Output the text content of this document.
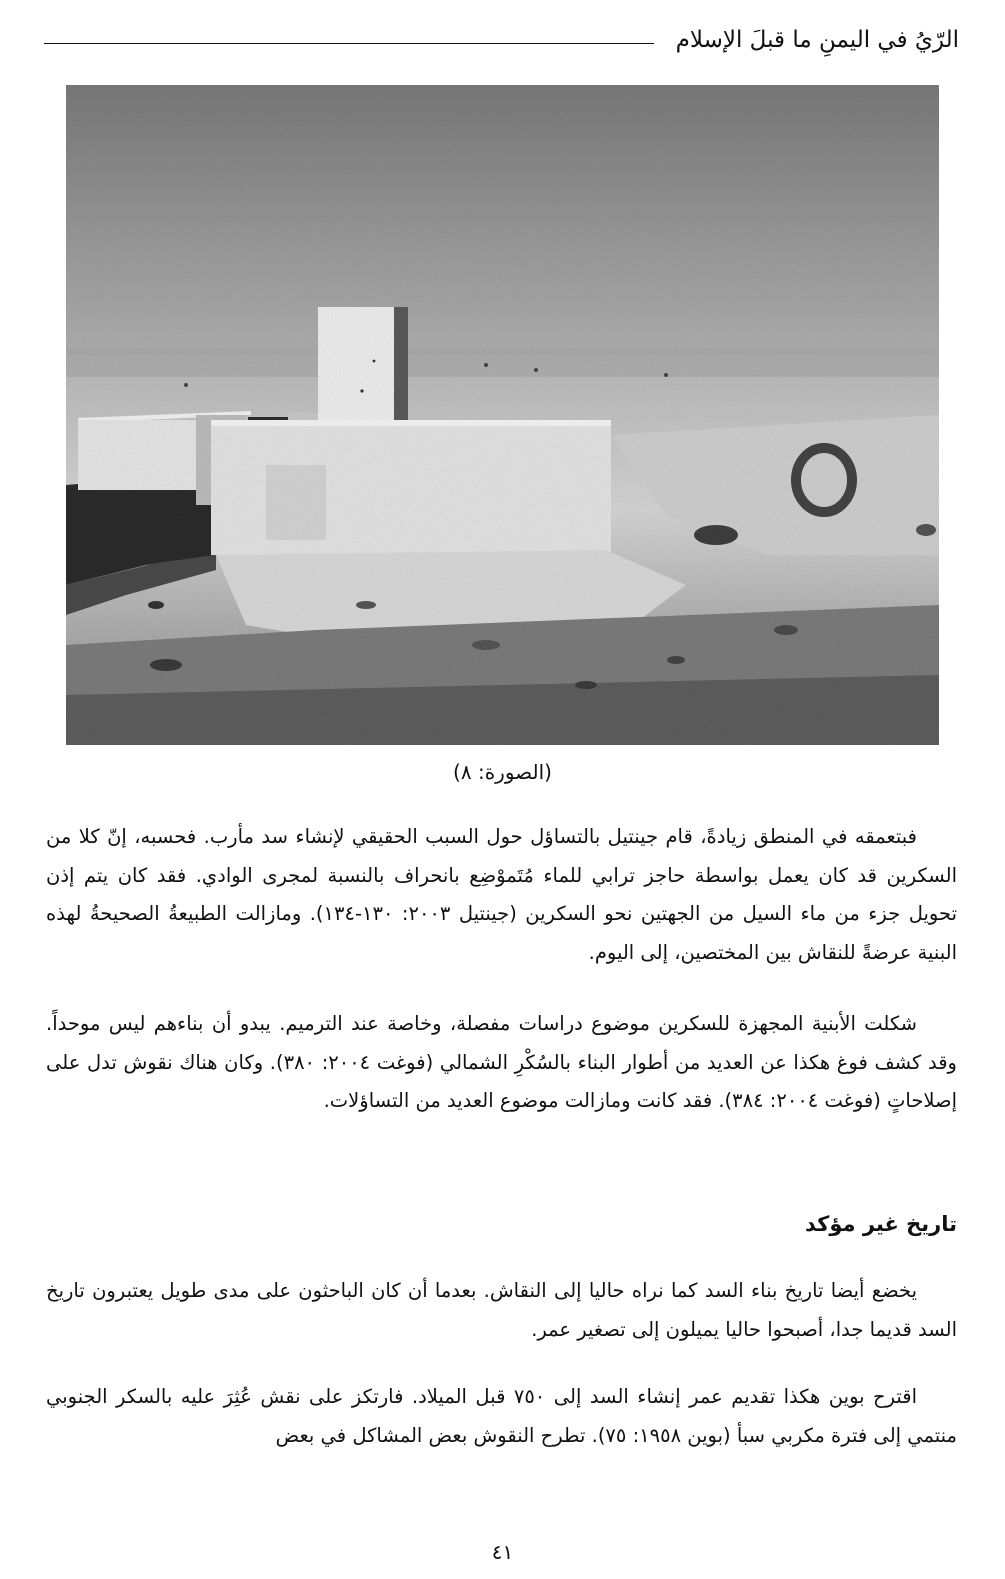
الرّيُ في اليمنِ ما قبلَ الإسلام
(الصورة: ٨)

فبتعمقه في المنطق زيادةً، قام جينتيل بالتساؤل حول السبب الحقيقي لإنشاء سد مأرب. فحسبه، إنّ كلا من السكرين قد كان يعمل بواسطة حاجز ترابي للماء مُتَموْضِع بانحراف بالنسبة لمجرى الوادي. فقد كان يتم إذن تحويل جزء من ماء السيل من الجهتين نحو السكرين (جينتيل ٢٠٠٣: ١٣٠-١٣٤). ومازالت الطبيعةُ الصحيحةُ لهذه البنية عرضةً للنقاش بين المختصين، إلى اليوم.

شكلت الأبنية المجهزة للسكرين موضوع دراسات مفصلة، وخاصة عند الترميم. يبدو أن بناءهم ليس موحداً. وقد كشف فوغ هكذا عن العديد من أطوار البناء بالسُكْرِ الشمالي (فوغت ٢٠٠٤: ٣٨٠). وكان هناك نقوش تدل على إصلاحاتٍ (فوغت ٢٠٠٤: ٣٨٤). فقد كانت ومازالت موضوع العديد من التساؤلات.

تاريخ غير مؤكد

يخضع أيضا تاريخ بناء السد كما نراه حاليا إلى النقاش. بعدما أن كان الباحثون على مدى طويل يعتبرون تاريخ السد قديما جدا، أصبحوا حاليا يميلون إلى تصغير عمر.

اقترح بوين هكذا تقديم عمر إنشاء السد إلى ٧٥٠ قبل الميلاد. فارتكز على نقش عُثِرَ عليه بالسكر الجنوبي منتمي إلى فترة مكربي سبأ (بوين ١٩٥٨: ٧٥). تطرح النقوش بعض المشاكل في بعض

٤١
